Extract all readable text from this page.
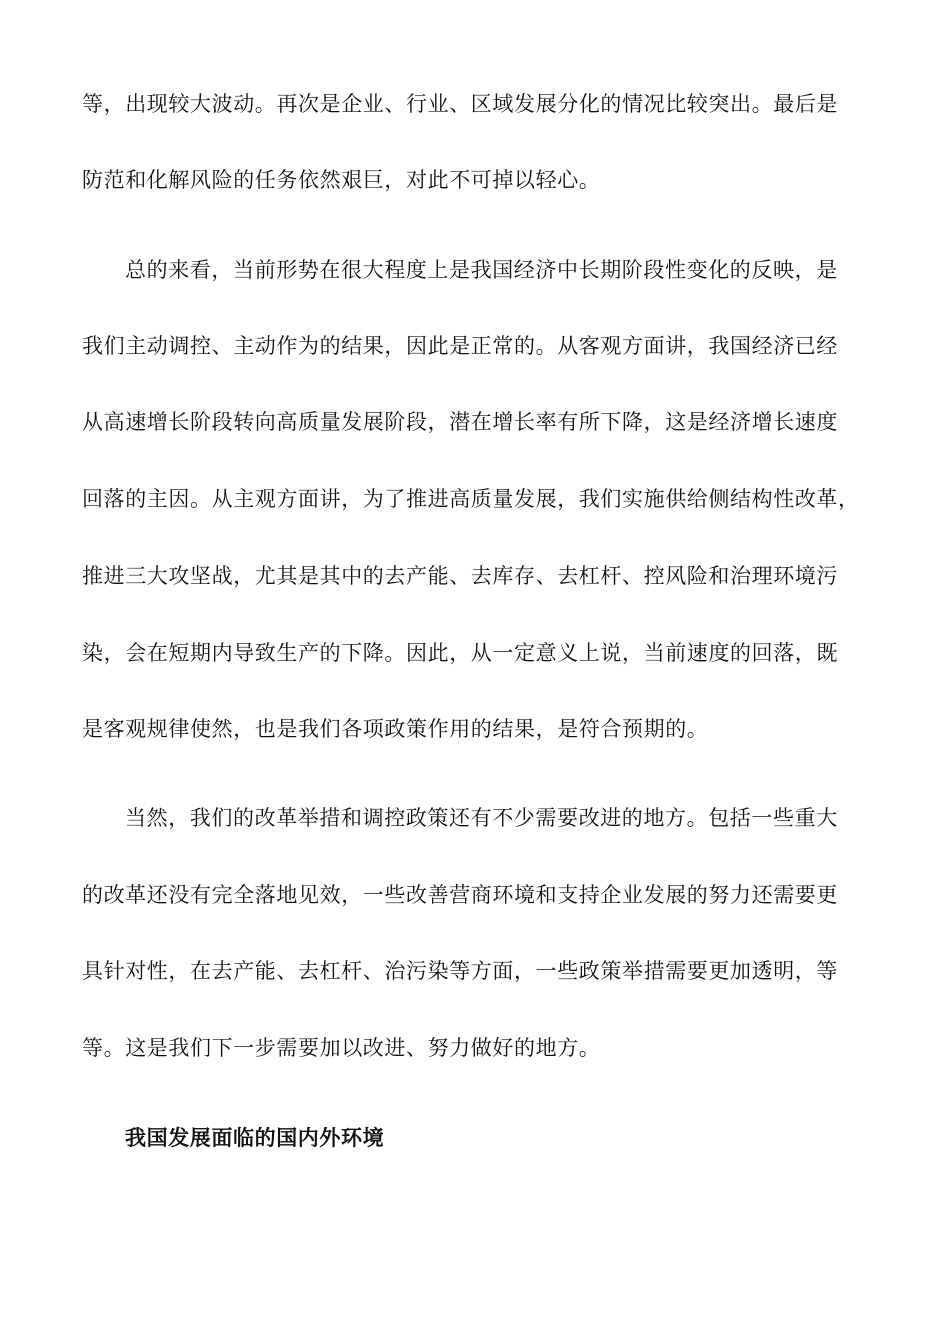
等，出现较大波动。再次是企业、行业、区域发展分化的情况比较突出。最后是
防范和化解风险的任务依然艰巨，对此不可掉以轻心。
总的来看，当前形势在很大程度上是我国经济中长期阶段性变化的反映，是
我们主动调控、主动作为的结果，因此是正常的。从客观方面讲，我国经济已经
从高速增长阶段转向高质量发展阶段，潜在增长率有所下降，这是经济增长速度
回落的主因。从主观方面讲，为了推进高质量发展，我们实施供给侧结构性改革，
推进三大攻坚战，尤其是其中的去产能、去库存、去杠杆、控风险和治理环境污
染，会在短期内导致生产的下降。因此，从一定意义上说，当前速度的回落，既
是客观规律使然，也是我们各项政策作用的结果，是符合预期的。
当然，我们的改革举措和调控政策还有不少需要改进的地方。包括一些重大
的改革还没有完全落地见效，一些改善营商环境和支持企业发展的努力还需要更
具针对性，在去产能、去杠杆、治污染等方面，一些政策举措需要更加透明，等
等。这是我们下一步需要加以改进、努力做好的地方。
我国发展面临的国内外环境
